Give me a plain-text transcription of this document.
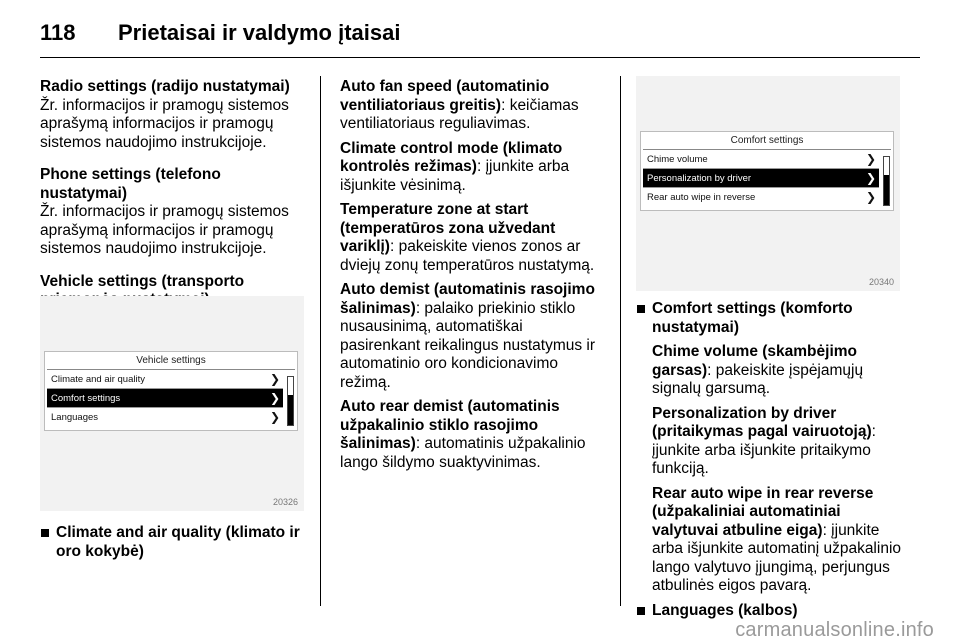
118 Prietaisai ir valdymo įtaisai
Radio settings (radijo nustatymai)
Žr. informacijos ir pramogų sistemos aprašymą informacijos ir pramogų sistemos naudojimo instrukcijoje.
Phone settings (telefono nustatymai)
Žr. informacijos ir pramogų sistemos aprašymą informacijos ir pramogų sistemos naudojimo instrukcijoje.
Vehicle settings (transporto
Vehicle settings
Climate and air quality	❯
Comfort settings	❯
Languages	❯
20326
Climate and air quality (klimato ir oro kokybė)
Auto fan speed (automatinio ventiliatoriaus greitis): keičiamas ventiliatoriaus reguliavimas.
Climate control mode (klimato kontrolės režimas): įjunkite arba išjunkite vėsinimą.
Temperature zone at start (temperatūros zona užvedant variklį): pakeiskite vienos zonos ar dviejų zonų temperatūros nustatymą.
Auto demist (automatinis rasojimo šalinimas): palaiko priekinio stiklo nusausinimą, automatiškai pasirenkant reikalingus nustatymus ir automatinio oro kondicionavimo režimą.
Auto rear demist (automatinis užpakalinio stiklo rasojimo šalinimas): automatinis užpakalinio lango šildymo suaktyvinimas.
Comfort settings
Chime volume	❯
Personalization by driver	❯
Rear auto wipe in reverse	❯
20340
Comfort settings (komforto nustatymai)
Chime volume (skambėjimo garsas): pakeiskite įspėjamųjų signalų garsumą.
Personalization by driver (pritaikymas pagal vairuotoją): įjunkite arba išjunkite pritaikymo funkciją.
Rear auto wipe in rear reverse (užpakaliniai automatiniai valytuvai atbuline eiga): įjunkite arba išjunkite automatinį užpakalinio lango valytuvo įjungimą, perjungus atbulinės eigos pavarą.
Languages (kalbos)
carmanualsonline.info
